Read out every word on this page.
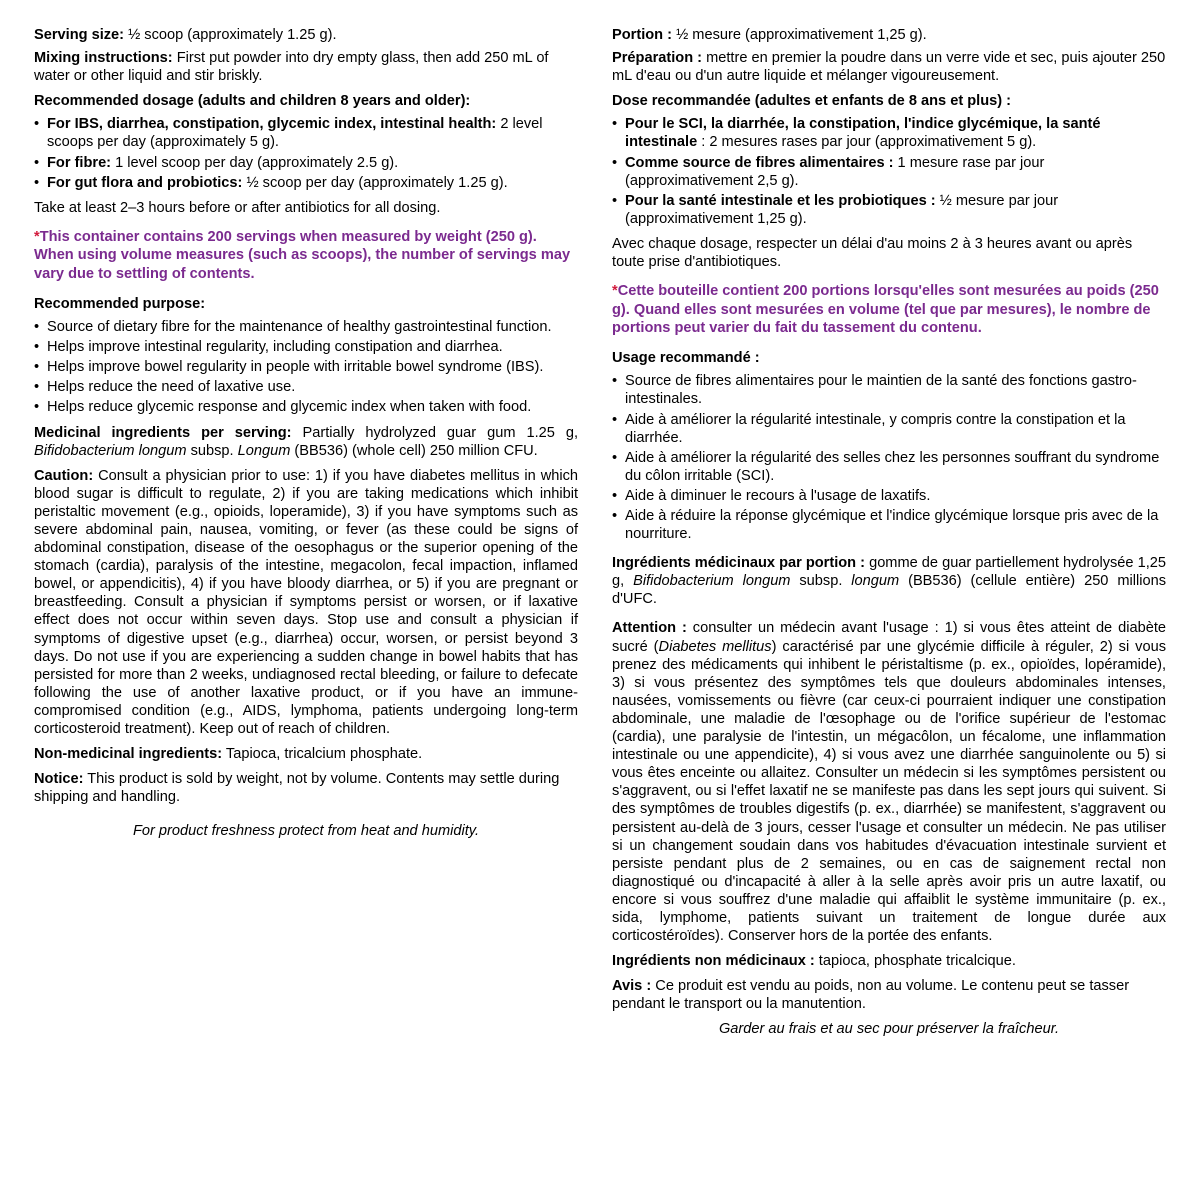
Serving size: ½ scoop (approximately 1.25 g).

Mixing instructions: First put powder into dry empty glass, then add 250 mL of water or other liquid and stir briskly.

Recommended dosage (adults and children 8 years and older):

• For IBS, diarrhea, constipation, glycemic index, intestinal health: 2 level scoops per day (approximately 5 g).
• For fibre: 1 level scoop per day (approximately 2.5 g).
• For gut flora and probiotics: ½ scoop per day (approximately 1.25 g).

Take at least 2–3 hours before or after antibiotics for all dosing.

*This container contains 200 servings when measured by weight (250 g). When using volume measures (such as scoops), the number of servings may vary due to settling of contents.

Recommended purpose:

• Source of dietary fibre for the maintenance of healthy gastrointestinal function.
• Helps improve intestinal regularity, including constipation and diarrhea.
• Helps improve bowel regularity in people with irritable bowel syndrome (IBS).
• Helps reduce the need of laxative use.
• Helps reduce glycemic response and glycemic index when taken with food.

Medicinal ingredients per serving: Partially hydrolyzed guar gum 1.25 g, Bifidobacterium longum subsp. Longum (BB536) (whole cell) 250 million CFU.

Caution: Consult a physician prior to use: 1) if you have diabetes mellitus in which blood sugar is difficult to regulate, 2) if you are taking medications which inhibit peristaltic movement (e.g., opioids, loperamide), 3) if you have symptoms such as severe abdominal pain, nausea, vomiting, or fever (as these could be signs of abdominal constipation, disease of the oesophagus or the superior opening of the stomach (cardia), paralysis of the intestine, megacolon, fecal impaction, inflamed bowel, or appendicitis), 4) if you have bloody diarrhea, or 5) if you are pregnant or breastfeeding. Consult a physician if symptoms persist or worsen, or if laxative effect does not occur within seven days. Stop use and consult a physician if symptoms of digestive upset (e.g., diarrhea) occur, worsen, or persist beyond 3 days. Do not use if you are experiencing a sudden change in bowel habits that has persisted for more than 2 weeks, undiagnosed rectal bleeding, or failure to defecate following the use of another laxative product, or if you have an immune-compromised condition (e.g., AIDS, lymphoma, patients undergoing long-term corticosteroid treatment). Keep out of reach of children.

Non-medicinal ingredients: Tapioca, tricalcium phosphate.

Notice: This product is sold by weight, not by volume. Contents may settle during shipping and handling.

For product freshness protect from heat and humidity.

Portion : ½ mesure (approximativement 1,25 g).

Préparation : mettre en premier la poudre dans un verre vide et sec, puis ajouter 250 mL d'eau ou d'un autre liquide et mélanger vigoureusement.

Dose recommandée (adultes et enfants de 8 ans et plus) :

• Pour le SCI, la diarrhée, la constipation, l'indice glycémique, la santé intestinale : 2 mesures rases par jour (approximativement 5 g).
• Comme source de fibres alimentaires : 1 mesure rase par jour (approximativement 2,5 g).
• Pour la santé intestinale et les probiotiques : ½ mesure par jour (approximativement 1,25 g).

Avec chaque dosage, respecter un délai d'au moins 2 à 3 heures avant ou après toute prise d'antibiotiques.

*Cette bouteille contient 200 portions lorsqu'elles sont mesurées au poids (250 g). Quand elles sont mesurées en volume (tel que par mesures), le nombre de portions peut varier du fait du tassement du contenu.

Usage recommandé :

• Source de fibres alimentaires pour le maintien de la santé des fonctions gastro-intestinales.
• Aide à améliorer la régularité intestinale, y compris contre la constipation et la diarrhée.
• Aide à améliorer la régularité des selles chez les personnes souffrant du syndrome du côlon irritable (SCI).
• Aide à diminuer le recours à l'usage de laxatifs.
• Aide à réduire la réponse glycémique et l'indice glycémique lorsque pris avec de la nourriture.

Ingrédients médicinaux par portion : gomme de guar partiellement hydrolysée 1,25 g, Bifidobacterium longum subsp. longum (BB536) (cellule entière) 250 millions d'UFC.

Attention : consulter un médecin avant l'usage : 1) si vous êtes atteint de diabète sucré (Diabetes mellitus) caractérisé par une glycémie difficile à réguler, 2) si vous prenez des médicaments qui inhibent le péristaltisme (p. ex., opioïdes, lopéramide), 3) si vous présentez des symptômes tels que douleurs abdominales intenses, nausées, vomissements ou fièvre (car ceux-ci pourraient indiquer une constipation abdominale, une maladie de l'œsophage ou de l'orifice supérieur de l'estomac (cardia), une paralysie de l'intestin, un mégacôlon, un fécalome, une inflammation intestinale ou une appendicite), 4) si vous avez une diarrhée sanguinolente ou 5) si vous êtes enceinte ou allaitez. Consulter un médecin si les symptômes persistent ou s'aggravent, ou si l'effet laxatif ne se manifeste pas dans les sept jours qui suivent. Si des symptômes de troubles digestifs (p. ex., diarrhée) se manifestent, s'aggravent ou persistent au-delà de 3 jours, cesser l'usage et consulter un médecin. Ne pas utiliser si un changement soudain dans vos habitudes d'évacuation intestinale survient et persiste pendant plus de 2 semaines, ou en cas de saignement rectal non diagnostiqué ou d'incapacité à aller à la selle après avoir pris un autre laxatif, ou encore si vous souffrez d'une maladie qui affaiblit le système immunitaire (p. ex., sida, lymphome, patients suivant un traitement de longue durée aux corticostéroïdes). Conserver hors de la portée des enfants.

Ingrédients non médicinaux : tapioca, phosphate tricalcique.

Avis : Ce produit est vendu au poids, non au volume. Le contenu peut se tasser pendant le transport ou la manutention.

Garder au frais et au sec pour préserver la fraîcheur.
